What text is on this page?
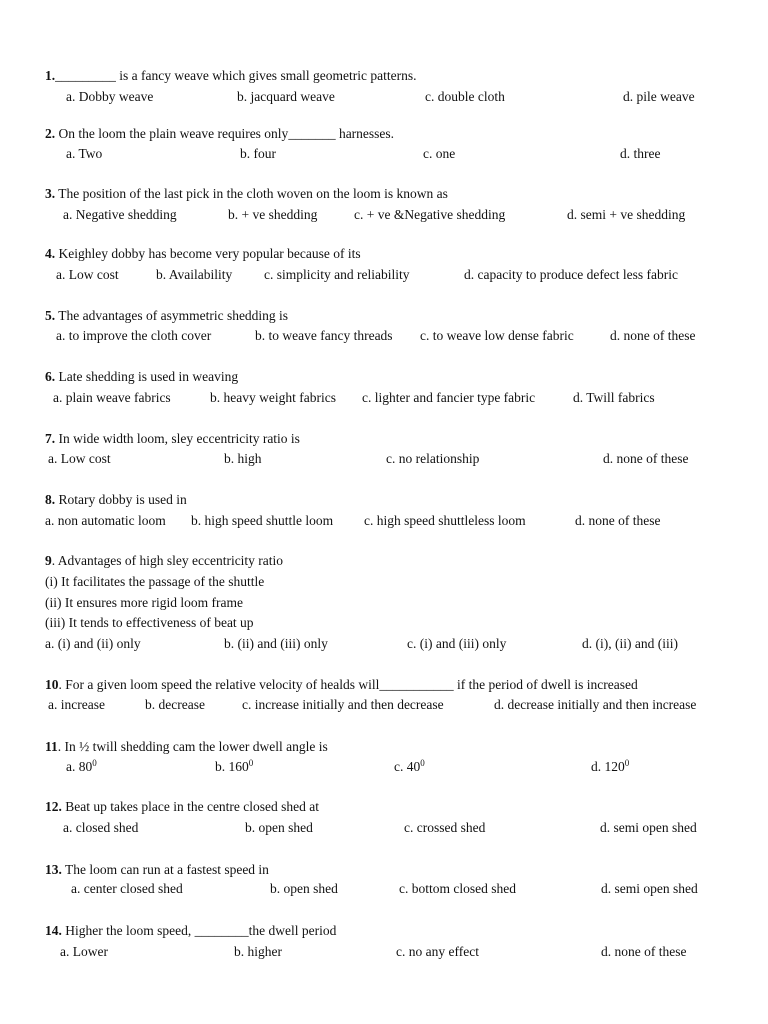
1._________ is a fancy weave which gives small geometric patterns.
a. Dobby weave	b. jacquard weave	c. double cloth	d. pile weave
2. On the loom the plain weave requires only_______ harnesses.
a. Two	b. four	c. one	d. three
3. The position of the last pick in the cloth woven on the loom is known as
a. Negative shedding	b. + ve shedding	c. + ve &Negative shedding	d. semi + ve shedding
4. Keighley dobby has become very popular because of its
a. Low cost	b. Availability c. simplicity and reliability	d. capacity to produce defect less fabric
5. The advantages of asymmetric shedding is
a. to improve the cloth cover	b. to weave fancy threads c. to weave low dense fabric	d. none of these
6. Late shedding is used in weaving
a. plain weave fabrics	b. heavy weight fabrics c. lighter and fancier type fabric	d. Twill fabrics
7. In wide width loom, sley eccentricity ratio is
a. Low cost	b. high	c. no relationship	d. none of these
8. Rotary dobby is used in
a. non automatic loom b. high speed shuttle loom c. high speed shuttleless loom	d. none of these
9. Advantages of high sley eccentricity ratio
(i) It facilitates the passage of the shuttle
(ii) It ensures more rigid loom frame
(iii) It tends to effectiveness of beat up
a. (i) and (ii) only	b. (ii) and (iii) only	c. (i) and (iii) only	d. (i), (ii) and (iii)
10. For a given loom speed the relative velocity of healds will___________ if the period of dwell is increased
a. increase	b. decrease	c. increase initially and then decrease	d. decrease initially and then increase
11. In ½ twill shedding cam the lower dwell angle is
a. $80^0$	b. $160^0$	c. $40^0$	d. $120^0$
12. Beat up takes place in the centre closed shed at
a. closed shed	b. open shed	c. crossed shed	d. semi open shed
13. The loom can run at a fastest speed in
a. center closed shed	b. open shed	c. bottom closed shed	d. semi open shed
14. Higher the loom speed, ________the dwell period
a. Lower	b. higher	c. no any effect	d. none of these
